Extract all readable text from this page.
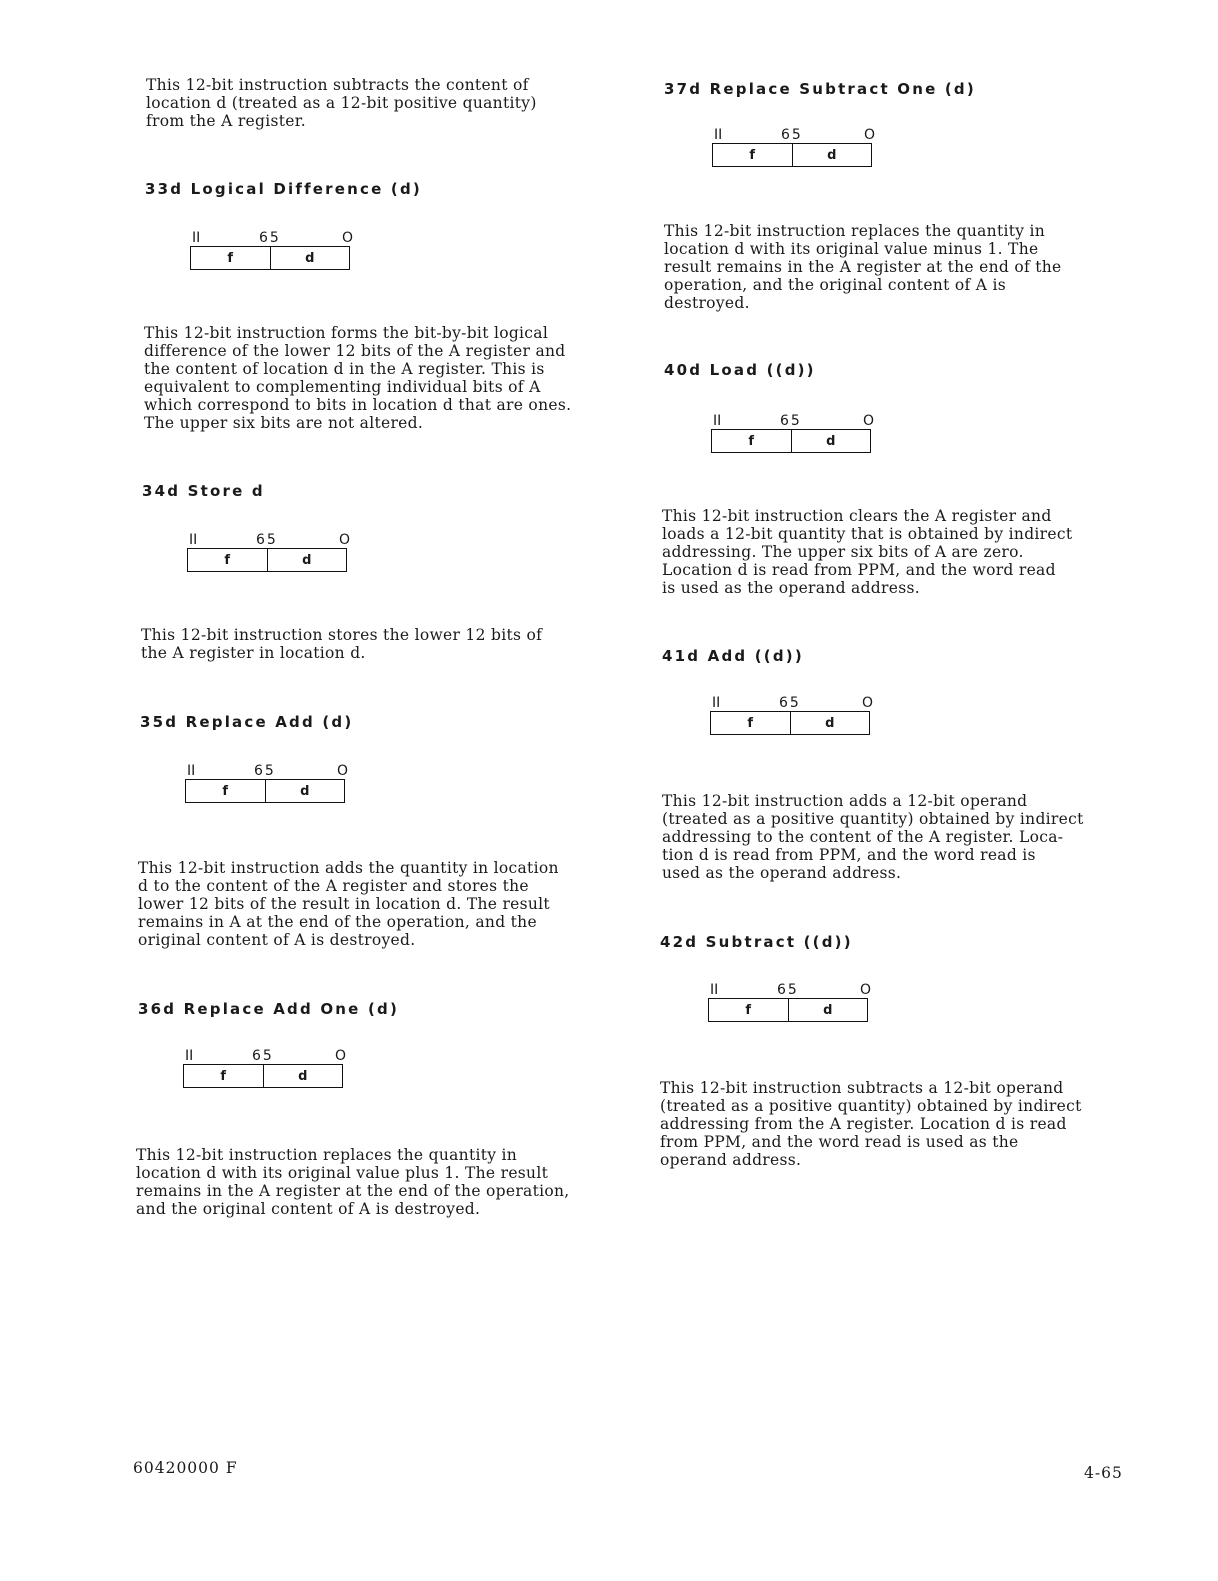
This 12-bit instruction subtracts the content of
location d (treated as a 12-bit positive quantity)
from the A register.

33d Logical Difference (d)
II	65	O
f	d

This 12-bit instruction forms the bit-by-bit logical
difference of the lower 12 bits of the A register and
the content of location d in the A register. This is
equivalent to complementing individual bits of A
which correspond to bits in location d that are ones.
The upper six bits are not altered.

34d Store d
II	65	O
f	d

This 12-bit instruction stores the lower 12 bits of
the A register in location d.

35d Replace Add (d)
II	65	O
f	d

This 12-bit instruction adds the quantity in location
d to the content of the A register and stores the
lower 12 bits of the result in location d. The result
remains in A at the end of the operation, and the
original content of A is destroyed.

36d Replace Add One (d)
II	65	O
f	d

This 12-bit instruction replaces the quantity in
location d with its original value plus 1. The result
remains in the A register at the end of the operation,
and the original content of A is destroyed.

37d Replace Subtract One (d)
II	65	O
f	d

This 12-bit instruction replaces the quantity in
location d with its original value minus 1. The
result remains in the A register at the end of the
operation, and the original content of A is
destroyed.

40d Load ((d))
II	65	O
f	d

This 12-bit instruction clears the A register and
loads a 12-bit quantity that is obtained by indirect
addressing. The upper six bits of A are zero.
Location d is read from PPM, and the word read
is used as the operand address.

41d Add ((d))
II	65	O
f	d

This 12-bit instruction adds a 12-bit operand
(treated as a positive quantity) obtained by indirect
addressing to the content of the A register. Loca-
tion d is read from PPM, and the word read is
used as the operand address.

42d Subtract ((d))
II	65	O
f	d

This 12-bit instruction subtracts a 12-bit operand
(treated as a positive quantity) obtained by indirect
addressing from the A register. Location d is read
from PPM, and the word read is used as the
operand address.

60420000 F	4-65
